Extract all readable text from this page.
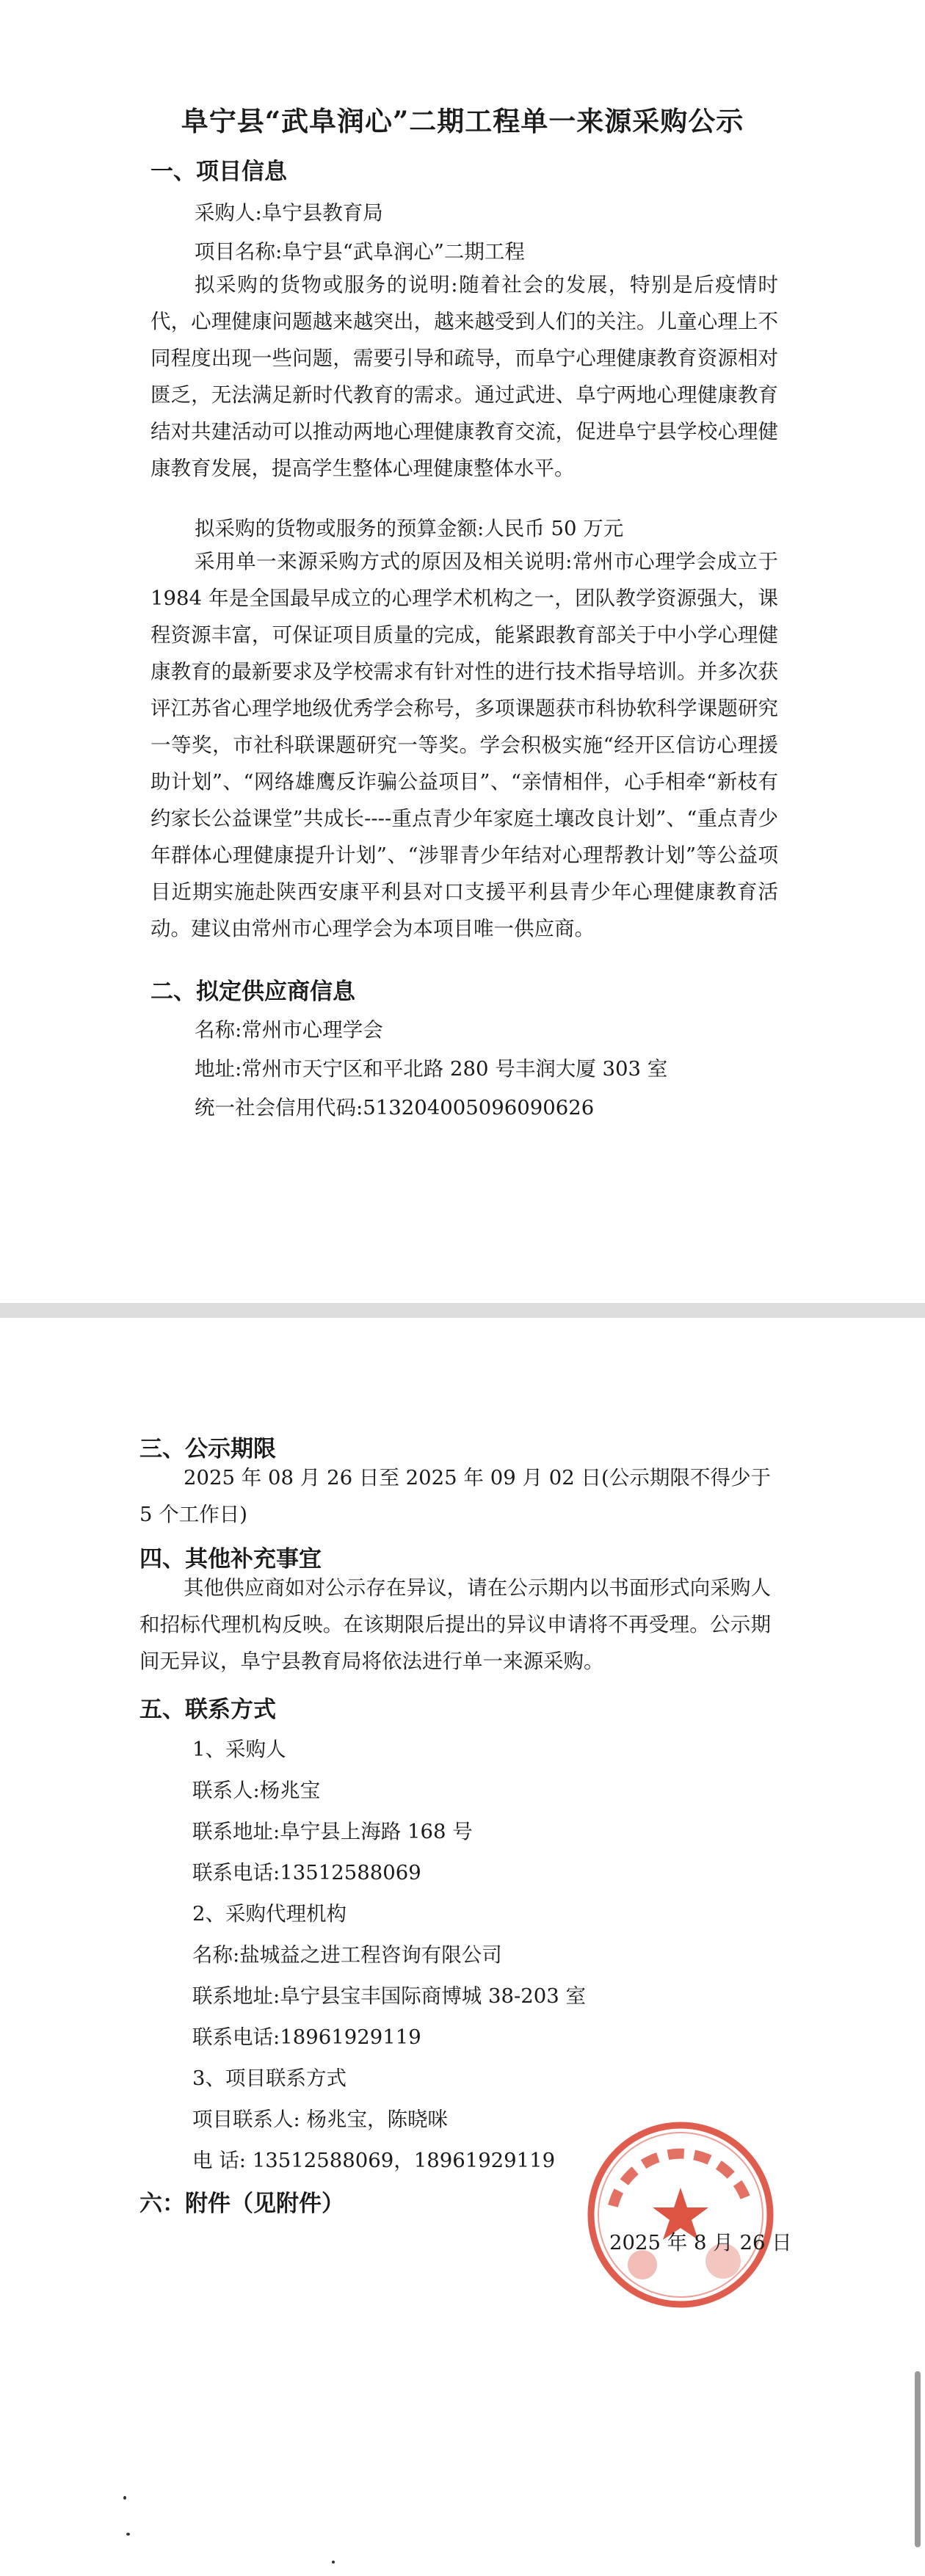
阜宁县“武阜润心”二期工程单一来源采购公示
一、项目信息
采购人:阜宁县教育局
项目名称:阜宁县“武阜润心”二期工程
拟采购的货物或服务的说明:随着社会的发展，特别是后疫情时代，心理健康问题越来越突出，越来越受到人们的关注。儿童心理上不同程度出现一些问题，需要引导和疏导，而阜宁心理健康教育资源相对匮乏，无法满足新时代教育的需求。通过武进、阜宁两地心理健康教育结对共建活动可以推动两地心理健康教育交流，促进阜宁县学校心理健康教育发展，提高学生整体心理健康整体水平。
拟采购的货物或服务的预算金额:人民币 50 万元
采用单一来源采购方式的原因及相关说明:常州市心理学会成立于 1984 年是全国最早成立的心理学术机构之一，团队教学资源强大，课程资源丰富，可保证项目质量的完成，能紧跟教育部关于中小学心理健康教育的最新要求及学校需求有针对性的进行技术指导培训。并多次获评江苏省心理学地级优秀学会称号，多项课题获市科协软科学课题研究一等奖，市社科联课题研究一等奖。学会积极实施“经开区信访心理援助计划”、“网络雄鹰反诈骗公益项目”、“亲情相伴，心手相牵“新枝有约家长公益课堂”共成长----重点青少年家庭土壤改良计划”、“重点青少年群体心理健康提升计划”、“涉罪青少年结对心理帮教计划”等公益项目近期实施赴陕西安康平利县对口支援平利县青少年心理健康教育活动。建议由常州市心理学会为本项目唯一供应商。
二、拟定供应商信息
名称:常州市心理学会
地址:常州市天宁区和平北路 280 号丰润大厦 303 室
统一社会信用代码:513204005096090626
三、公示期限
2025 年 08 月 26 日至 2025 年 09 月 02 日(公示期限不得少于 5 个工作日)
四、其他补充事宜
其他供应商如对公示存在异议，请在公示期内以书面形式向采购人和招标代理机构反映。在该期限后提出的异议申请将不再受理。公示期间无异议，阜宁县教育局将依法进行单一来源采购。
五、联系方式
1、采购人
联系人:杨兆宝
联系地址:阜宁县上海路 168 号
联系电话:13512588069
2、采购代理机构
名称:盐城益之进工程咨询有限公司
联系地址:阜宁县宝丰国际商博城 38-203 室
联系电话:18961929119
3、项目联系方式
项目联系人: 杨兆宝，陈晓咪
电 话: 13512588069，18961929119
六：附件（见附件）
2025 年 8 月 26 日
